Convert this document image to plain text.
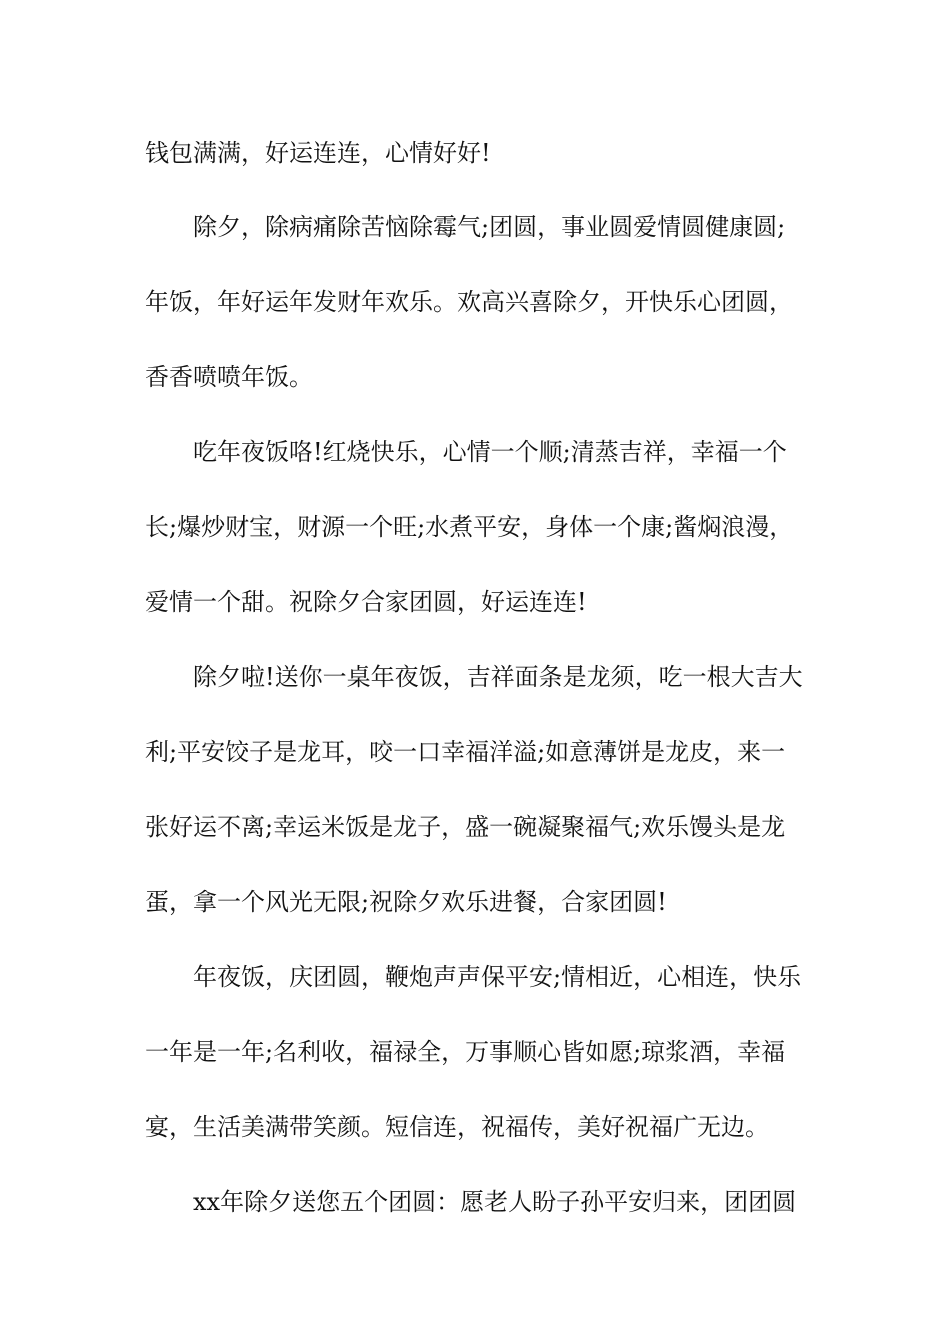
钱包满满，好运连连，心情好好!
除夕，除病痛除苦恼除霉气;团圆，事业圆爱情圆健康圆;
年饭，年好运年发财年欢乐。欢高兴喜除夕，开快乐心团圆，
香香喷喷年饭。
吃年夜饭咯!红烧快乐，心情一个顺;清蒸吉祥，幸福一个
长;爆炒财宝，财源一个旺;水煮平安，身体一个康;酱焖浪漫，
爱情一个甜。祝除夕合家团圆，好运连连!
除夕啦!送你一桌年夜饭，吉祥面条是龙须，吃一根大吉大
利;平安饺子是龙耳，咬一口幸福洋溢;如意薄饼是龙皮，来一
张好运不离;幸运米饭是龙子，盛一碗凝聚福气;欢乐馒头是龙
蛋，拿一个风光无限;祝除夕欢乐进餐，合家团圆!
年夜饭，庆团圆，鞭炮声声保平安;情相近，心相连，快乐
一年是一年;名利收，福禄全，万事顺心皆如愿;琼浆酒，幸福
宴，生活美满带笑颜。短信连，祝福传，美好祝福广无边。
xx年除夕送您五个团圆：愿老人盼子孙平安归来，团团圆
